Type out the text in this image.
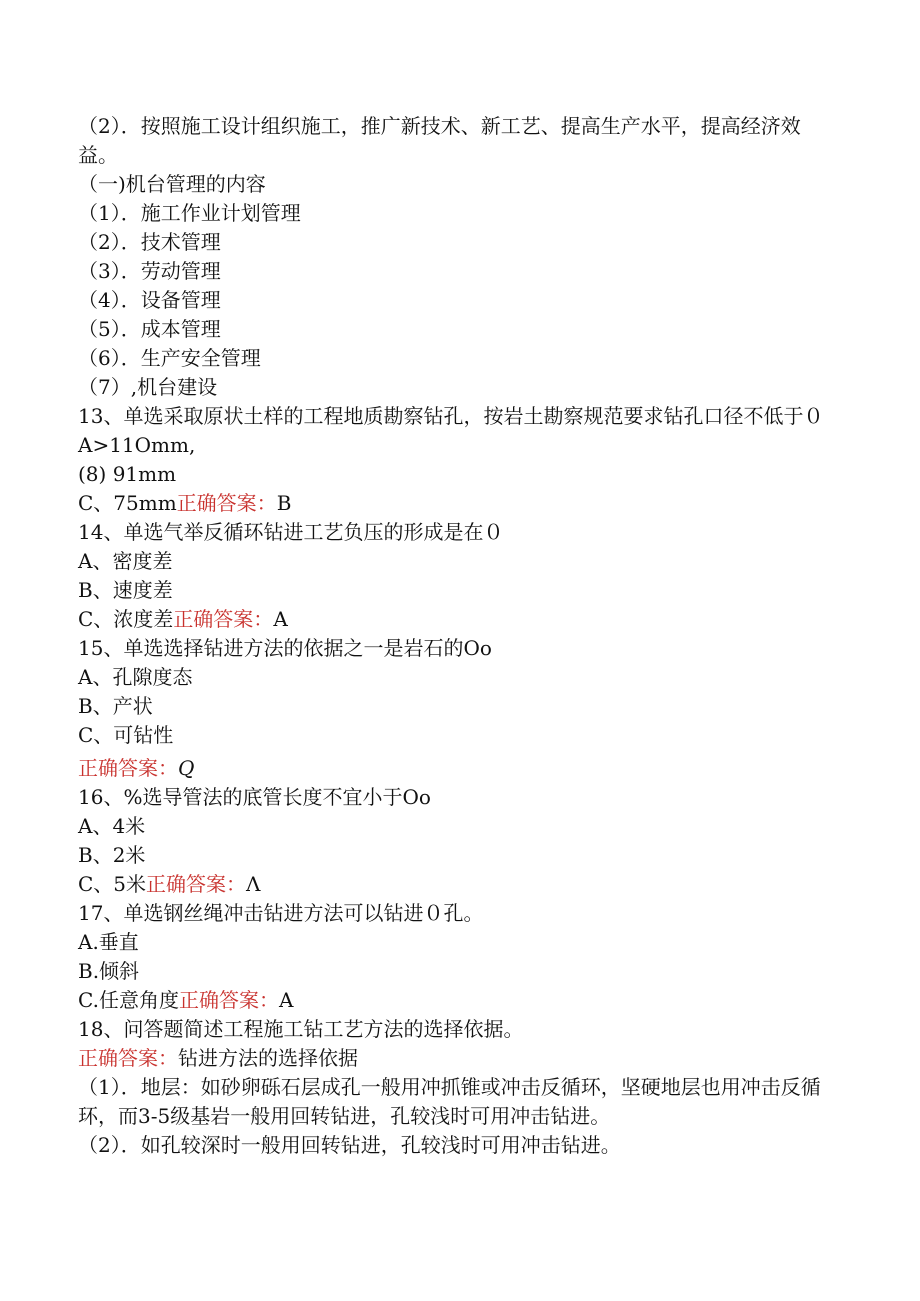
（2）．按照施工设计组织施工，推广新技术、新工艺、提高生产水平，提高经济效益。
（一)机台管理的内容
（1）．施工作业计划管理
（2）．技术管理
（3）．劳动管理
（4）．设备管理
（5）．成本管理
（6）．生产安全管理
（7）,机台建设
13、单选采取原状土样的工程地质勘察钻孔，按岩土勘察规范要求钻孔口径不低于０
A>11Omm,
(8) 91mm
C、75mm正确答案：B
14、单选气举反循环钻进工艺负压的形成是在０
A、密度差
B、速度差
C、浓度差正确答案：A
15、单选选择钻进方法的依据之一是岩石的Oo
A、孔隙度态
B、产状
C、可钻性
正确答案：Q
16、%选导管法的底管长度不宜小于Oo
A、4米
B、2米
C、5米正确答案：Λ
17、单选钢丝绳冲击钻进方法可以钻进０孔。
A.垂直
B.倾斜
C.任意角度正确答案：A
18、问答题简述工程施工钻工艺方法的选择依据。
正确答案：钻进方法的选择依据
（1）．地层：如砂卵砾石层成孔一般用冲抓锥或冲击反循环，坚硬地层也用冲击反循环，而3-5级基岩一般用回转钻进，孔较浅时可用冲击钻进。
（2）．如孔较深时一般用回转钻进，孔较浅时可用冲击钻进。
